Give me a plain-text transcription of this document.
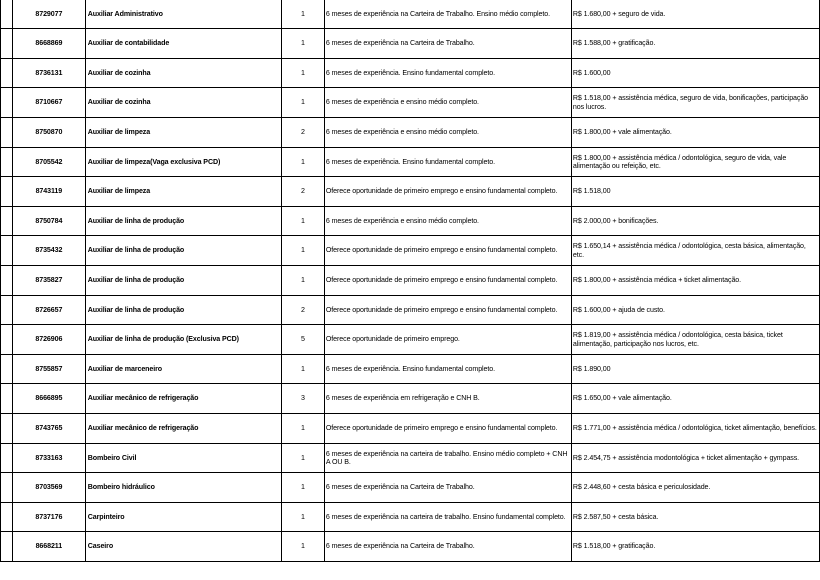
	8729077	Auxiliar Administrativo	1	6 meses de experiência na Carteira de Trabalho. Ensino médio completo.	R$ 1.680,00 + seguro de vida.
	8668869	Auxiliar de contabilidade	1	6 meses de experiência na Carteira de Trabalho.	R$ 1.588,00 + gratificação.
	8736131	Auxiliar de cozinha	1	6 meses de experiência. Ensino fundamental completo.	R$ 1.600,00
	8710667	Auxiliar de cozinha	1	6 meses de experiência e ensino médio completo.	R$ 1.518,00 + assistência médica, seguro de vida, bonificações, participação nos lucros.
	8750870	Auxiliar de limpeza	2	6 meses de experiência e ensino médio completo.	R$ 1.800,00 + vale alimentação.
	8705542	Auxiliar de limpeza(Vaga exclusiva PCD)	1	6 meses de experiência. Ensino fundamental completo.	R$ 1.800,00 + assistência médica / odontológica, seguro de vida, vale alimentação ou refeição, etc.
	8743119	Auxiliar de limpeza	2	Oferece oportunidade de primeiro emprego e ensino fundamental completo.	R$ 1.518,00
	8750784	Auxiliar de linha de produção	1	6 meses de experiência e ensino médio completo.	R$ 2.000,00 + bonificações.
	8735432	Auxiliar de linha de produção	1	Oferece oportunidade de primeiro emprego e ensino fundamental completo.	R$ 1.650,14 + assistência médica / odontológica, cesta básica, alimentação, etc.
	8735827	Auxiliar de linha de produção	1	Oferece oportunidade de primeiro emprego e ensino fundamental completo.	R$ 1.800,00 + assistência médica + ticket alimentação.
	8726657	Auxiliar de linha de produção	2	Oferece oportunidade de primeiro emprego e ensino fundamental completo.	R$ 1.600,00 + ajuda de custo.
	8726906	Auxiliar de linha de produção (Exclusiva PCD)	5	Oferece oportunidade de primeiro emprego.	R$ 1.819,00 + assistência médica / odontológica, cesta básica, ticket alimentação, participação nos lucros, etc.
	8755857	Auxiliar de marceneiro	1	6 meses de experiência. Ensino fundamental completo.	R$ 1.890,00
	8666895	Auxiliar mecânico de refrigeração	3	6 meses de experiência em refrigeração e CNH B.	R$ 1.650,00 + vale alimentação.
	8743765	Auxiliar mecânico de refrigeração	1	Oferece oportunidade de primeiro emprego e ensino fundamental completo.	R$ 1.771,00 + assistência médica / odontológica, ticket alimentação, benefícios.
	8733163	Bombeiro Civil	1	6 meses de experiência na carteira de trabalho. Ensino médio completo + CNH A OU B.	R$ 2.454,75 + assistência modontológica + ticket alimentação + gympass.
	8703569	Bombeiro hidráulico	1	6 meses de experiência na Carteira de Trabalho.	R$ 2.448,60 + cesta básica e periculosidade.
	8737176	Carpinteiro	1	6 meses de experiência na carteira de trabalho. Ensino fundamental completo.	R$ 2.587,50 + cesta básica.
	8668211	Caseiro	1	6 meses de experiência na Carteira de Trabalho.	R$ 1.518,00 + gratificação.
